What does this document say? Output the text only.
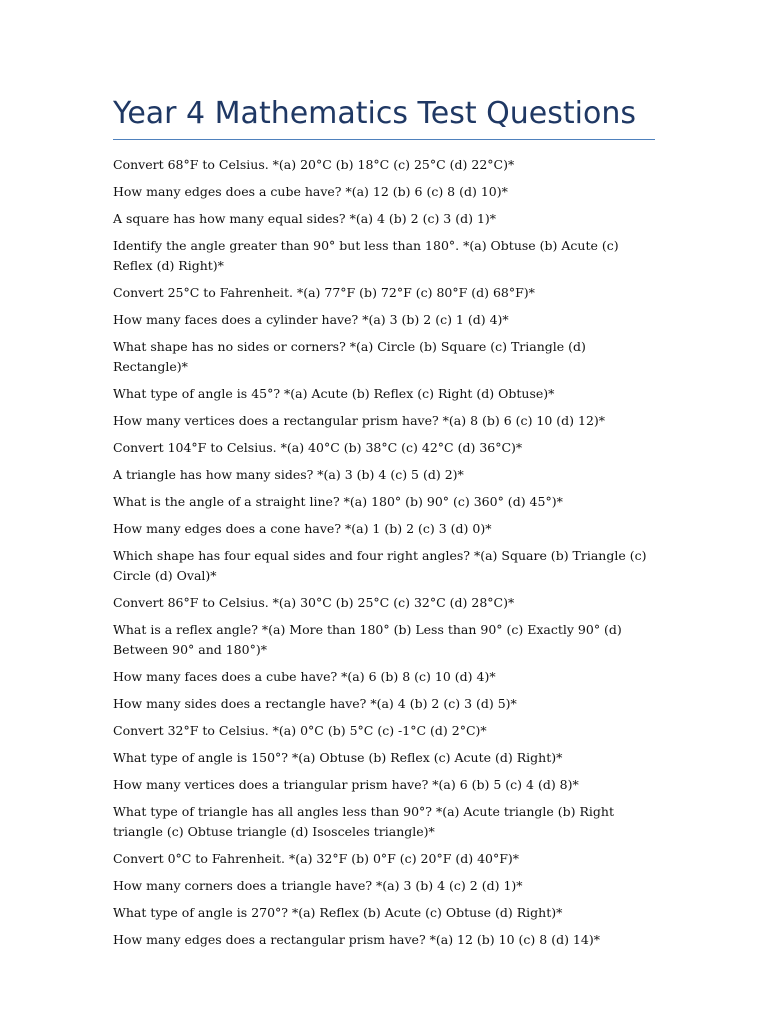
Year 4 Mathematics Test Questions
Convert 68°F to Celsius. *(a) 20°C (b) 18°C (c) 25°C (d) 22°C)*
How many edges does a cube have? *(a) 12 (b) 6 (c) 8 (d) 10)*
A square has how many equal sides? *(a) 4 (b) 2 (c) 3 (d) 1)*
Identify the angle greater than 90° but less than 180°. *(a) Obtuse (b) Acute (c) Reflex (d) Right)*
Convert 25°C to Fahrenheit. *(a) 77°F (b) 72°F (c) 80°F (d) 68°F)*
How many faces does a cylinder have? *(a) 3 (b) 2 (c) 1 (d) 4)*
What shape has no sides or corners? *(a) Circle (b) Square (c) Triangle (d) Rectangle)*
What type of angle is 45°? *(a) Acute (b) Reflex (c) Right (d) Obtuse)*
How many vertices does a rectangular prism have? *(a) 8 (b) 6 (c) 10 (d) 12)*
Convert 104°F to Celsius. *(a) 40°C (b) 38°C (c) 42°C (d) 36°C)*
A triangle has how many sides? *(a) 3 (b) 4 (c) 5 (d) 2)*
What is the angle of a straight line? *(a) 180° (b) 90° (c) 360° (d) 45°)*
How many edges does a cone have? *(a) 1 (b) 2 (c) 3 (d) 0)*
Which shape has four equal sides and four right angles? *(a) Square (b) Triangle (c) Circle (d) Oval)*
Convert 86°F to Celsius. *(a) 30°C (b) 25°C (c) 32°C (d) 28°C)*
What is a reflex angle? *(a) More than 180° (b) Less than 90° (c) Exactly 90° (d) Between 90° and 180°)*
How many faces does a cube have? *(a) 6 (b) 8 (c) 10 (d) 4)*
How many sides does a rectangle have? *(a) 4 (b) 2 (c) 3 (d) 5)*
Convert 32°F to Celsius. *(a) 0°C (b) 5°C (c) -1°C (d) 2°C)*
What type of angle is 150°? *(a) Obtuse (b) Reflex (c) Acute (d) Right)*
How many vertices does a triangular prism have? *(a) 6 (b) 5 (c) 4 (d) 8)*
What type of triangle has all angles less than 90°? *(a) Acute triangle (b) Right triangle (c) Obtuse triangle (d) Isosceles triangle)*
Convert 0°C to Fahrenheit. *(a) 32°F (b) 0°F (c) 20°F (d) 40°F)*
How many corners does a triangle have? *(a) 3 (b) 4 (c) 2 (d) 1)*
What type of angle is 270°? *(a) Reflex (b) Acute (c) Obtuse (d) Right)*
How many edges does a rectangular prism have? *(a) 12 (b) 10 (c) 8 (d) 14)*
